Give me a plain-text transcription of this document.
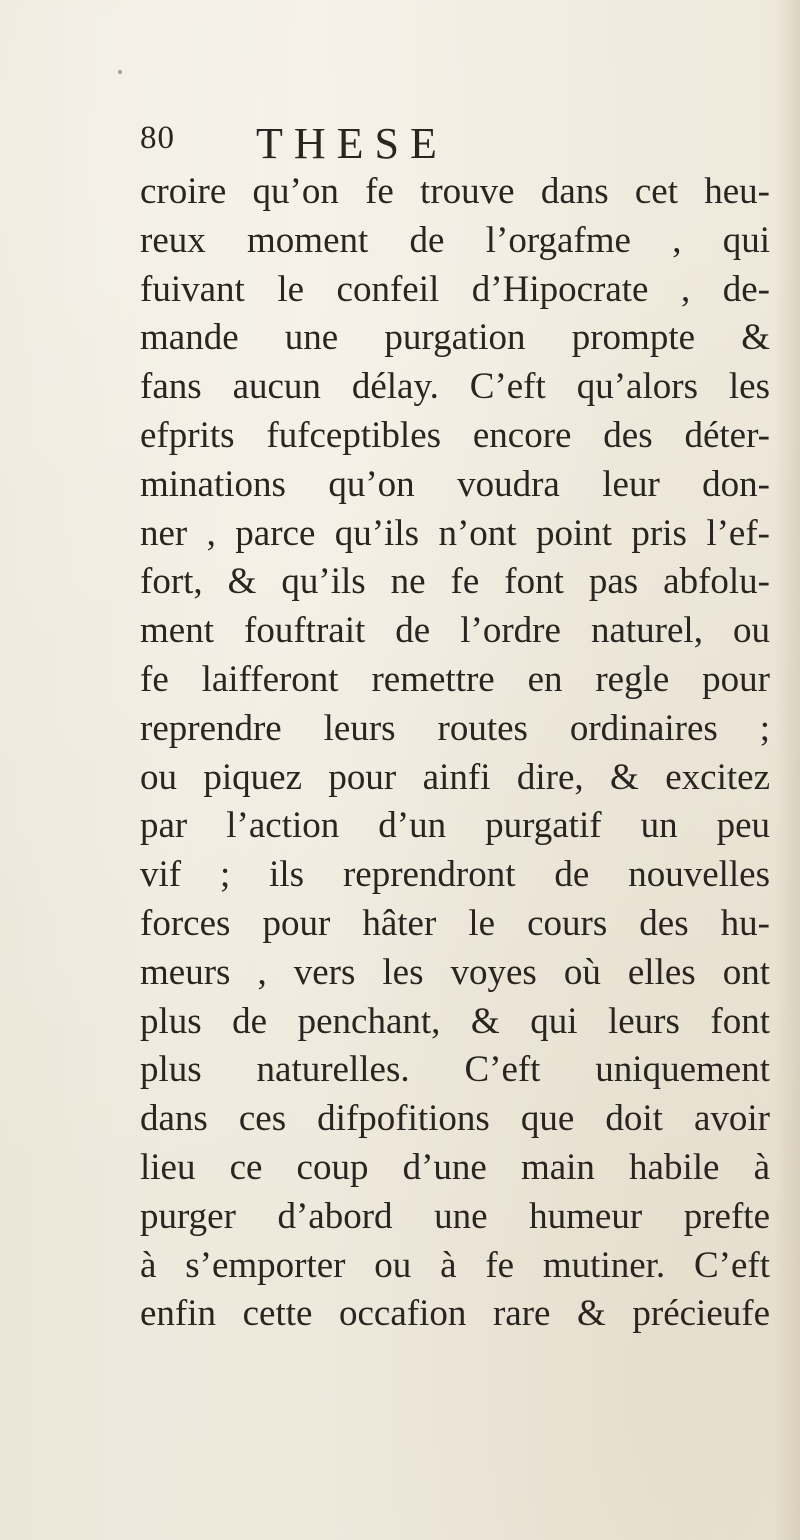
80 THESE
croire qu’on fe trouve dans cet heu-
reux moment de l’orgafme , qui
fuivant le confeil d’Hipocrate , de-
mande une purgation prompte &
fans aucun délay. C’eft qu’alors les
efprits fufceptibles encore des déter-
minations qu’on voudra leur don-
ner , parce qu’ils n’ont point pris l’ef-
fort, & qu’ils ne fe font pas abfolu-
ment fouftrait de l’ordre naturel, ou
fe laifferont remettre en regle pour
reprendre leurs routes ordinaires ;
ou piquez pour ainfi dire, & excitez
par l’action d’un purgatif un peu
vif ; ils reprendront de nouvelles
forces pour hâter le cours des hu-
meurs , vers les voyes où elles ont
plus de penchant, & qui leurs font
plus naturelles. C’eft uniquement
dans ces difpofitions que doit avoir
lieu ce coup d’une main habile à
purger d’abord une humeur prefte
à s’emporter ou à fe mutiner. C’eft
enfin cette occafion rare & précieufe
